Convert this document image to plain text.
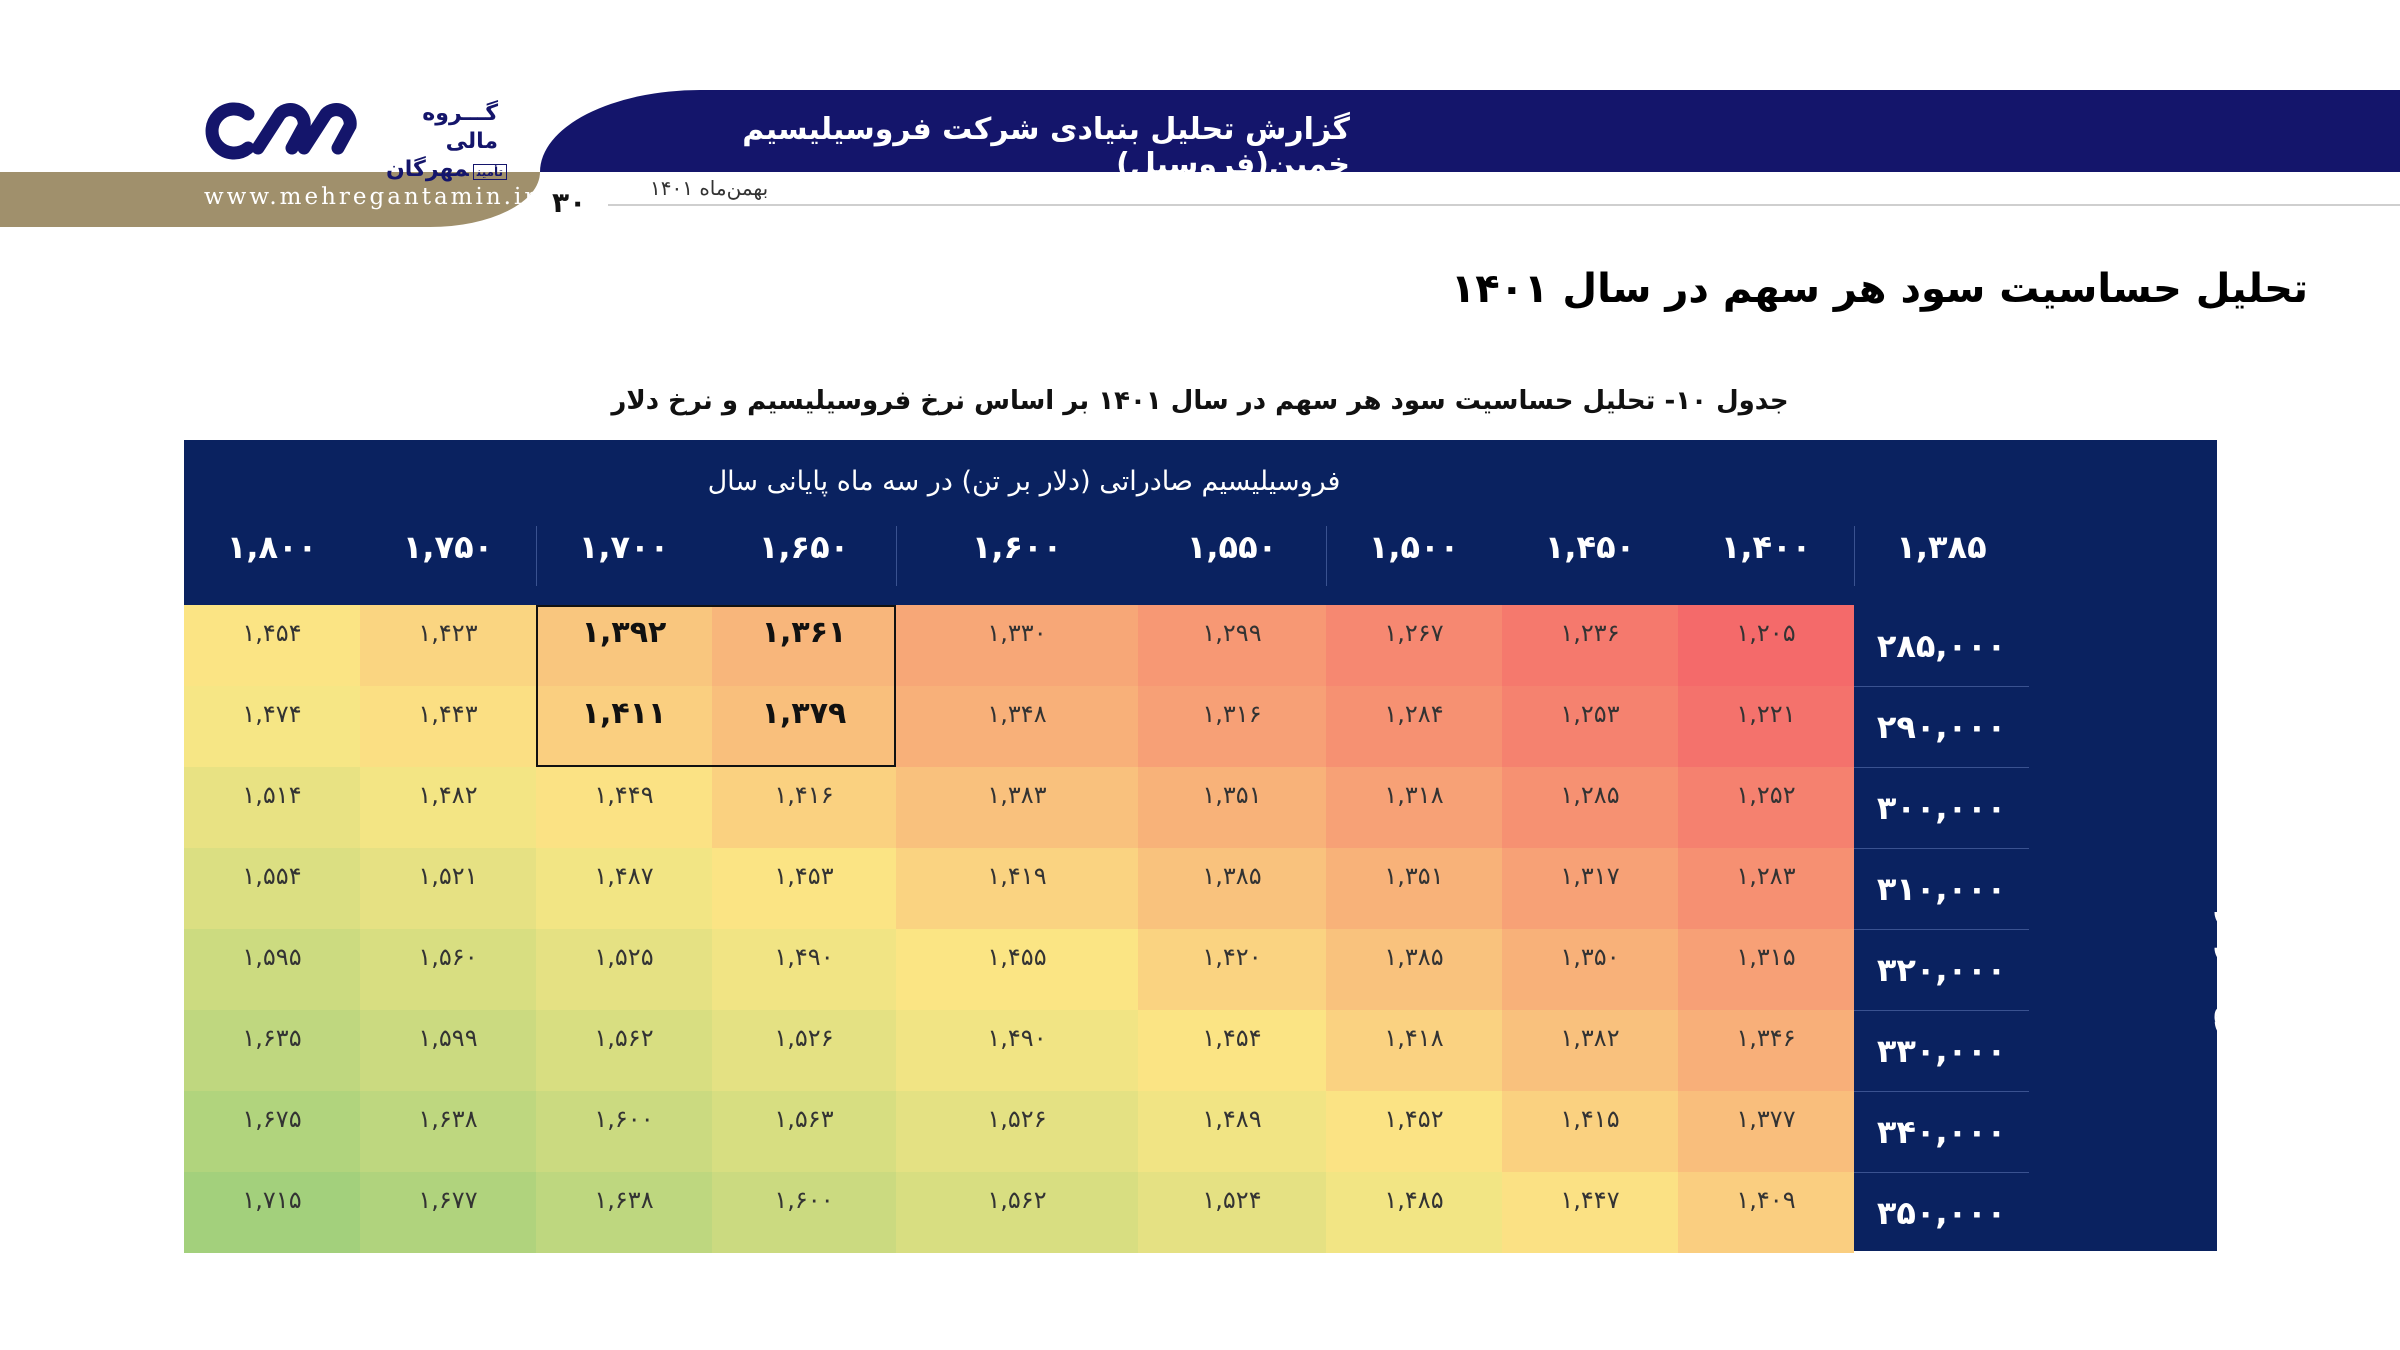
گزارش تحلیل بنیادی شرکت فروسیلیسیم خمین(فروسیل)
بهمن‌ماه ۱۴۰۱
۳۰
www.mehregantamin.ir
گـــروه مالی
تأمینمهرگان
تحلیل حساسیت سود هر سهم در سال ۱۴۰۱
جدول ۱۰- تحلیل حساسیت سود هر سهم در سال ۱۴۰۱ بر اساس نرخ فروسیلیسیم و نرخ دلار
فروسیلیسیم صادراتی (دلار بر تن) در سه ماه پایانی سال
نرخ دلار (ریال)
۱,۸۰۰	۱,۷۵۰	۱,۷۰۰	۱,۶۵۰	۱,۶۰۰	۱,۵۵۰	۱,۵۰۰	۱,۴۵۰	۱,۴۰۰	۱,۳۸۵
۱,۴۵۴	۱,۴۲۳	۱,۳۹۲	۱,۳۶۱	۱,۳۳۰	۱,۲۹۹	۱,۲۶۷	۱,۲۳۶	۱,۲۰۵	۲۸۵,۰۰۰
۱,۴۷۴	۱,۴۴۳	۱,۴۱۱	۱,۳۷۹	۱,۳۴۸	۱,۳۱۶	۱,۲۸۴	۱,۲۵۳	۱,۲۲۱	۲۹۰,۰۰۰
۱,۵۱۴	۱,۴۸۲	۱,۴۴۹	۱,۴۱۶	۱,۳۸۳	۱,۳۵۱	۱,۳۱۸	۱,۲۸۵	۱,۲۵۲	۳۰۰,۰۰۰
۱,۵۵۴	۱,۵۲۱	۱,۴۸۷	۱,۴۵۳	۱,۴۱۹	۱,۳۸۵	۱,۳۵۱	۱,۳۱۷	۱,۲۸۳	۳۱۰,۰۰۰
۱,۵۹۵	۱,۵۶۰	۱,۵۲۵	۱,۴۹۰	۱,۴۵۵	۱,۴۲۰	۱,۳۸۵	۱,۳۵۰	۱,۳۱۵	۳۲۰,۰۰۰
۱,۶۳۵	۱,۵۹۹	۱,۵۶۲	۱,۵۲۶	۱,۴۹۰	۱,۴۵۴	۱,۴۱۸	۱,۳۸۲	۱,۳۴۶	۳۳۰,۰۰۰
۱,۶۷۵	۱,۶۳۸	۱,۶۰۰	۱,۵۶۳	۱,۵۲۶	۱,۴۸۹	۱,۴۵۲	۱,۴۱۵	۱,۳۷۷	۳۴۰,۰۰۰
۱,۷۱۵	۱,۶۷۷	۱,۶۳۸	۱,۶۰۰	۱,۵۶۲	۱,۵۲۴	۱,۴۸۵	۱,۴۴۷	۱,۴۰۹	۳۵۰,۰۰۰
